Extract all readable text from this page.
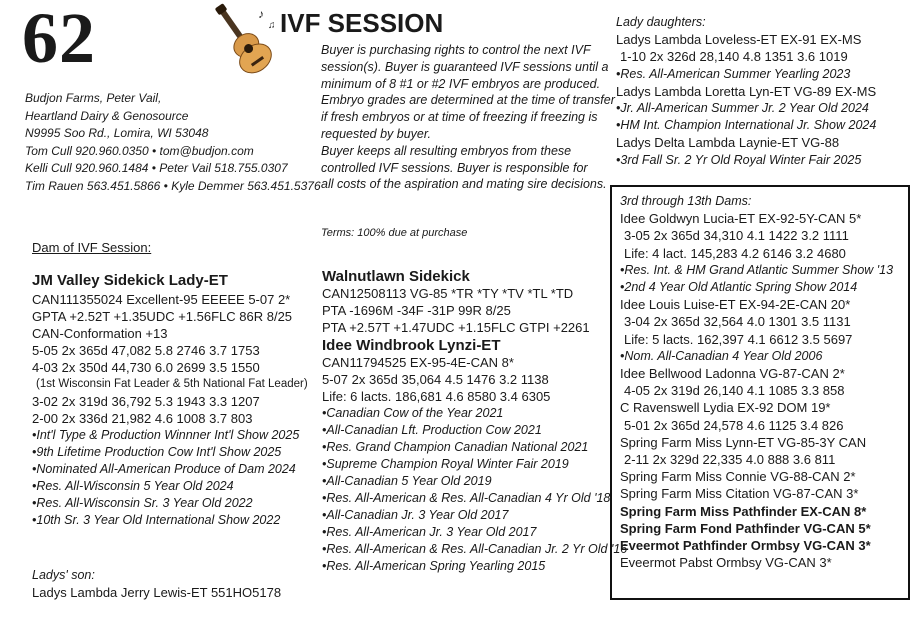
62	♪
♫ IVF SESSION
Budjon Farms, Peter Vail,
Heartland Dairy & Genosource
N9995 Soo Rd., Lomira, WI 53048
Tom Cull 920.960.0350 • tom@budjon.com
Kelli Cull 920.960.1484 • Peter Vail 518.755.0307
Tim Rauen 563.451.5866 • Kyle Demmer 563.451.5376
Buyer is purchasing rights to control the next IVF
session(s). Buyer is guaranteed IVF sessions until a
minimum of 8 #1 or #2 IVF embryos are produced.
Embryo grades are determined at the time of transfer
if fresh embryos or at time of freezing if freezing is
requested by buyer.
Buyer keeps all resulting embryos from these
controlled IVF sessions. Buyer is responsible for
all costs of the aspiration and mating sire decisions.
Terms: 100% due at purchase
Dam of IVF Session:
JM Valley Sidekick Lady-ET
CAN111355024 Excellent-95 EEEEE 5-07 2*
GPTA +2.52T +1.35UDC +1.56FLC 86R 8/25
CAN-Conformation +13
5-05 2x 365d 47,082 5.8 2746 3.7 1753
4-03 2x 350d 44,730 6.0 2699 3.5 1550
(1st Wisconsin Fat Leader & 5th National Fat Leader)
3-02 2x 319d 36,792 5.3 1943 3.3 1207
2-00 2x 336d 21,982 4.6 1008 3.7 803
•Int'l Type & Production Winnner Int'l Show 2025
•9th Lifetime Production Cow Int'l Show 2025
•Nominated All-American Produce of Dam 2024
•Res. All-Wisconsin 5 Year Old 2024
•Res. All-Wisconsin Sr. 3 Year Old 2022
•10th Sr. 3 Year Old International Show 2022
Ladys' son:
Ladys Lambda Jerry Lewis-ET 551HO5178
Walnutlawn Sidekick
CAN12508113 VG-85 *TR *TY *TV *TL *TD
PTA -1696M -34F -31P 99R 8/25
PTA +2.57T +1.47UDC +1.15FLC GTPI +2261
Idee Windbrook Lynzi-ET
CAN11794525 EX-95-4E-CAN 8*
5-07 2x 365d 35,064 4.5 1476 3.2 1138
Life: 6 lacts. 186,681 4.6 8580 3.4 6305
•Canadian Cow of the Year 2021
•All-Canadian Lft. Production Cow 2021
•Res. Grand Champion Canadian National 2021
•Supreme Champion Royal Winter Fair 2019
•All-Canadian 5 Year Old 2019
•Res. All-American & Res. All-Canadian 4 Yr Old '18
•All-Canadian Jr. 3 Year Old 2017
•Res. All-American Jr. 3 Year Old 2017
•Res. All-American & Res. All-Canadian Jr. 2 Yr Old '16
•Res. All-American Spring Yearling 2015
Lady daughters:
Ladys Lambda Loveless-ET EX-91 EX-MS
1-10 2x 326d 28,140 4.8 1351 3.6 1019
•Res. All-American Summer Yearling 2023
Ladys Lambda Loretta Lyn-ET VG-89 EX-MS
•Jr. All-American Summer Jr. 2 Year Old 2024
•HM Int. Champion International Jr. Show 2024
Ladys Delta Lambda Laynie-ET VG-88
•3rd Fall Sr. 2 Yr Old Royal Winter Fair 2025
3rd through 13th Dams:
Idee Goldwyn Lucia-ET EX-92-5Y-CAN 5*
3-05 2x 365d 34,310 4.1 1422 3.2 1111
Life: 4 lact. 145,283 4.2 6146 3.2 4680
•Res. Int. & HM Grand Atlantic Summer Show '13
•2nd 4 Year Old Atlantic Spring Show 2014
Idee Louis Luise-ET EX-94-2E-CAN 20*
3-04 2x 365d 32,564 4.0 1301 3.5 1131
Life: 5 lacts. 162,397 4.1 6612 3.5 5697
•Nom. All-Canadian 4 Year Old 2006
Idee Bellwood Ladonna VG-87-CAN 2*
4-05 2x 319d 26,140 4.1 1085 3.3 858
C Ravenswell Lydia EX-92 DOM 19*
5-01 2x 365d 24,578 4.6 1125 3.4 826
Spring Farm Miss Lynn-ET VG-85-3Y CAN
2-11 2x 329d 22,335 4.0 888 3.6 811
Spring Farm Miss Connie VG-88-CAN 2*
Spring Farm Miss Citation VG-87-CAN 3*
Spring Farm Miss Pathfinder EX-CAN 8*
Spring Farm Fond Pathfinder VG-CAN 5*
Eveermot Pathfinder Ormbsy VG-CAN 3*
Eveermot Pabst Ormbsy VG-CAN 3*
